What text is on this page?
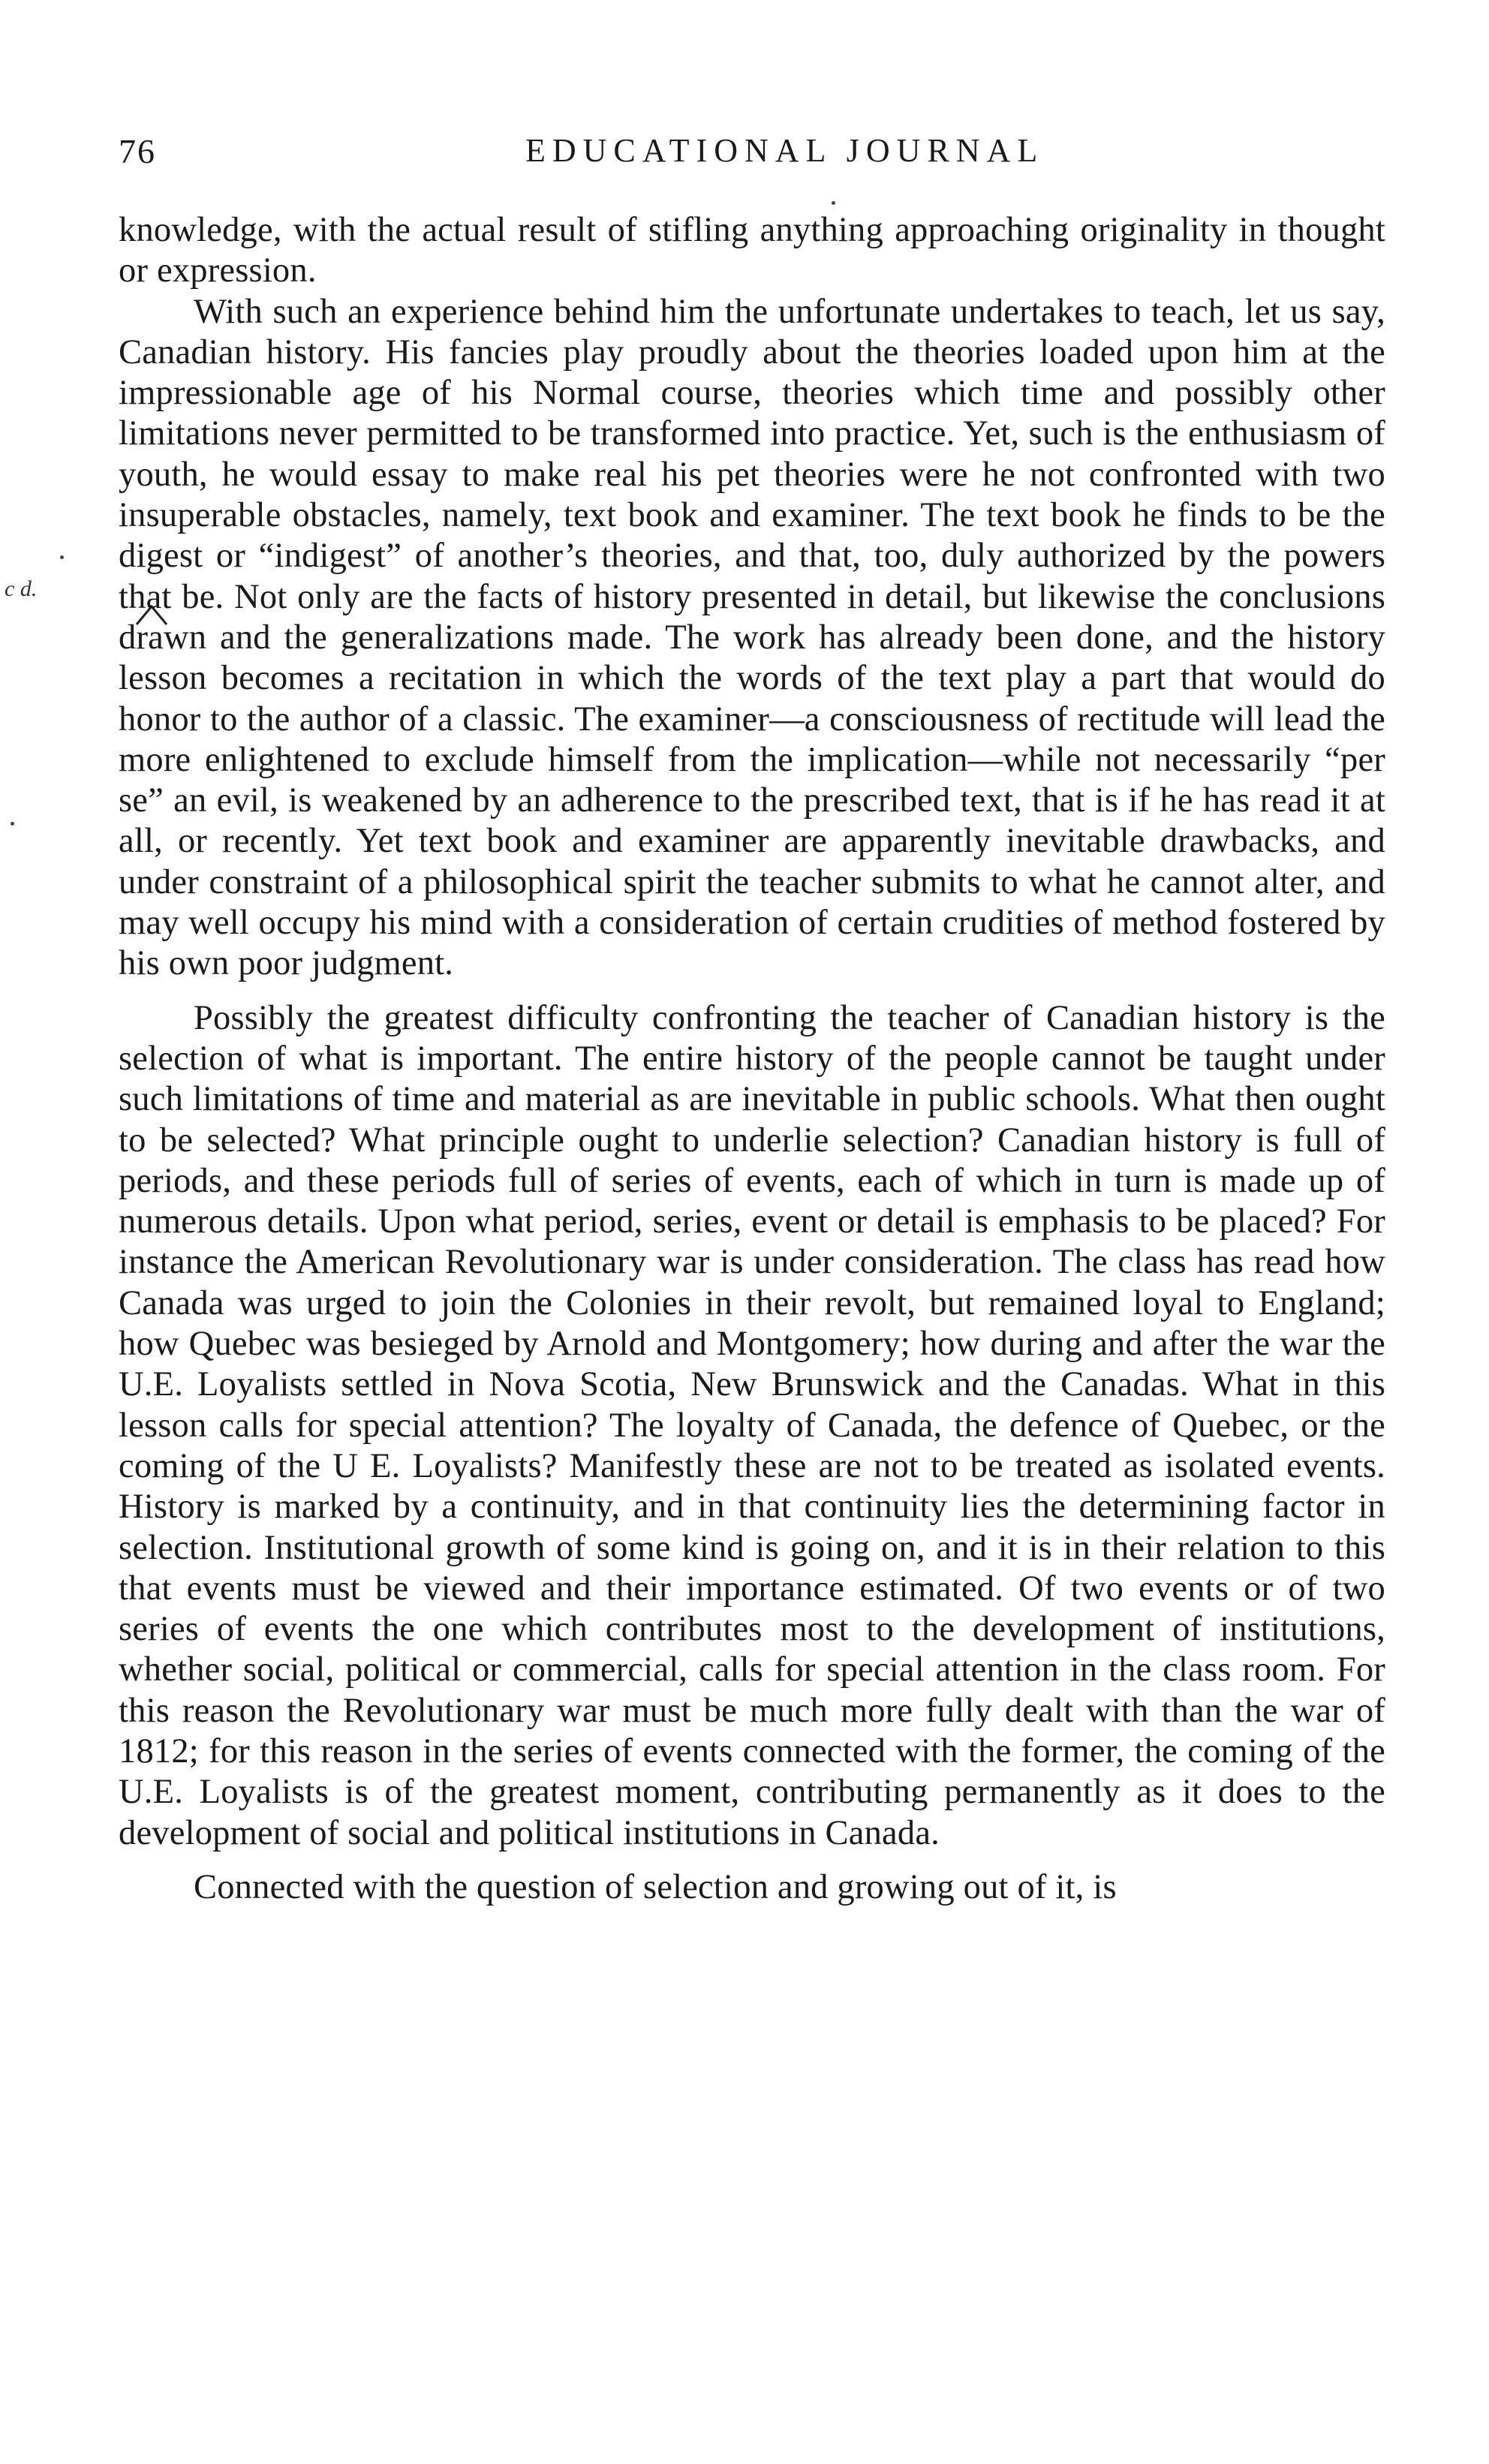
76	EDUCATIONAL JOURNAL
c d.

knowledge, with the actual result of stifling anything approaching originality in thought or expression.

With such an experience behind him the unfortunate undertakes to teach, let us say, Canadian history. His fancies play proudly about the theories loaded upon him at the impressionable age of his Normal course, theories which time and possibly other limitations never permitted to be transformed into practice. Yet, such is the enthusiasm of youth, he would essay to make real his pet theories were he not confronted with two insuperable obstacles, namely, text book and examiner. The text book he finds to be the digest or “indigest” of another’s theories, and that, too, duly authorized by the powers that be. Not only are the facts of history presented in detail, but likewise the conclusions drawn and the generalizations made. The work has already been done, and the history lesson becomes a recitation in which the words of the text play a part that would do honor to the author of a classic. The examiner—a consciousness of rectitude will lead the more enlightened to exclude himself from the implication—while not necessarily “per se” an evil, is weakened by an adherence to the prescribed text, that is if he has read it at all, or recently. Yet text book and examiner are apparently inevitable drawbacks, and under constraint of a philosophical spirit the teacher submits to what he cannot alter, and may well occupy his mind with a consideration of certain crudities of method fostered by his own poor judgment.

Possibly the greatest difficulty confronting the teacher of Canadian history is the selection of what is important. The entire history of the people cannot be taught under such limitations of time and material as are inevitable in public schools. What then ought to be selected? What principle ought to underlie selection? Canadian history is full of periods, and these periods full of series of events, each of which in turn is made up of numerous details. Upon what period, series, event or detail is emphasis to be placed? For instance the American Revolutionary war is under consideration. The class has read how Canada was urged to join the Colonies in their revolt, but remained loyal to England; how Quebec was besieged by Arnold and Montgomery; how during and after the war the U.E. Loyalists settled in Nova Scotia, New Brunswick and the Canadas. What in this lesson calls for special attention? The loyalty of Canada, the defence of Quebec, or the coming of the U E. Loyalists? Manifestly these are not to be treated as isolated events. History is marked by a continuity, and in that continuity lies the determining factor in selection. Institutional growth of some kind is going on, and it is in their relation to this that events must be viewed and their importance estimated. Of two events or of two series of events the one which contributes most to the development of institutions, whether social, political or commercial, calls for special attention in the class room. For this reason the Revolutionary war must be much more fully dealt with than the war of 1812; for this reason in the series of events connected with the former, the coming of the U.E. Loyalists is of the greatest moment, contributing permanently as it does to the development of social and political institutions in Canada.

Connected with the question of selection and growing out of it, is
